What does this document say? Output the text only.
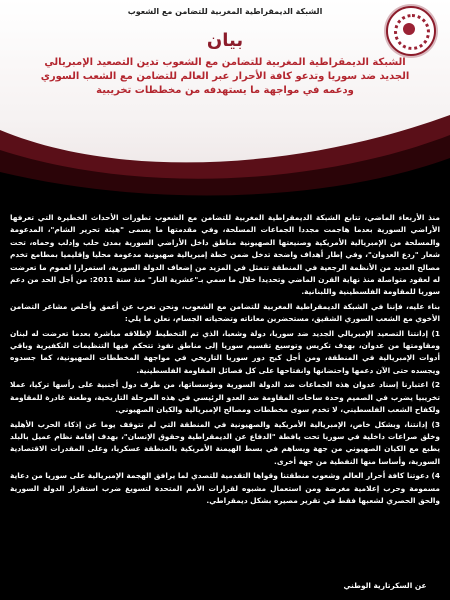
الشبكة الديمقراطية المغربية للتضامن مع الشعوب
بيان
الشبكة الديمقراطية المغربية للتضامن مع الشعوب تدين التصعيد الإمبريالي الجديد ضد سوريا وتدعو كافة الأحرار عبر العالم للتضامن مع الشعب السوري ودعمه في مواجهة ما يستهدفه من مخططات تخريبية

منذ الأربعاء الماضي، تتابع الشبكة الديمقراطية المغربية للتضامن مع الشعوب تطورات الأحداث الخطيرة التي تعرفها الأراضي السورية بعدما هاجمت مجددا الجماعات المسلحة، وفي مقدمتها ما يسمى "هيئة تحرير الشام"، المدعومة والمسلحة من الإمبريالية الأمريكية وصنيعتها الصهيونية مناطق داخل الأراضي السورية بمدن حلب وإدلب وحماه، تحت شعار "ردع العدوان"، وفي إطار أهداف واضحة تدخل ضمن خطة إمبريالية صهيونية مدعومة محليا وإقليميا بمطامع تخدم مصالح العديد من الأنظمة الرجعية في المنطقة تتمثل في المزيد من إضعاف الدولة السورية، استمرارا لعموم ما تعرضت له لعقود متواصلة منذ نهاية القرن الماضي وتحديدا خلال ما سمي بـ"عشرية النار" منذ سنة 2011: من أجل الحد من دعم سوريا للمقاومة الفلسطينية واللبنانية.

بناء عليه، فإننا في الشبكة الديمقراطية المغربية للتضامن مع الشعوب، ونحن نعرب عن أعمق وأخلص مشاعر التضامن الأخوي مع الشعب السوري الشقيق، مستحضرين معاناته وتضحياته الجسام، نعلن ما يلي:

1) إدانتنا التصعيد الإمبريالي الجديد ضد سوريا، دولة وشعبا، الذي تم التخطيط لإطلاقه مباشرة بعدما تعرضت له لبنان ومقاومتها من عدوان، بهدف تكريس وتوسيع تقسيم سوريا إلى مناطق نفوذ تتحكم فيها التنظيمات التكفيرية وباقي أدوات الإمبريالية في المنطقة، ومن أجل كبح دور سوريا التاريخي في مواجهة المخططات الصهيونية، كما جسدوه ويجسده حتى الآن دعمها واحتضانها وانفتاحها على كل فصائل المقاومة الفلسطينية.

2) اعتبارنا إسناد عدوان هذه الجماعات ضد الدولة السورية ومؤسساتها، من طرف دول أجنبية على رأسها تركيا، عملا تخريبيا يضرب في الصميم وحدة ساحات المقاومة ضد العدو الرئيسي في هذه المرحلة التاريخية، وطعنة غادرة للمقاومة ولكفاح الشعب الفلسطيني، لا تخدم سوى مخططات ومصالح الإمبريالية والكيان الصهيوني.

3) إدانتنا، وبشكل خاص، الإمبريالية الأمريكية والصهيونية في المنطقة التي لم تتوقف يوما عن إذكاء الحرب الأهلية وخلق صراعات داخلية في سوريا تحت يافطة "الدفاع عن الديمقراطية وحقوق الإنسان"، بهدف إقامة نظام عميل بالبلد يطبع مع الكيان الصهيوني من جهة ويساهم في بسط الهيمنة الأمريكية بالمنطقة عسكريا، وعلى المقدرات الاقتصادية السورية، وأساسا منها النفطية من جهة أخرى.

4) دعوتنا كافة أحرار العالم وشعوب منطقتنا وقواها التقدمية للتصدي لما يرافق الهجمة الإمبريالية على سوريا من دعاية مسمومة وحرب إعلامية مغرضة ومن استعمال مشبوه لقرارات الأمم المتحدة لتسويغ ضرب استقرار الدولة السورية والحق الحصري لشعبها فقط في تقرير مصيره بشكل ديمقراطي.

عن السكرتارية الوطني
